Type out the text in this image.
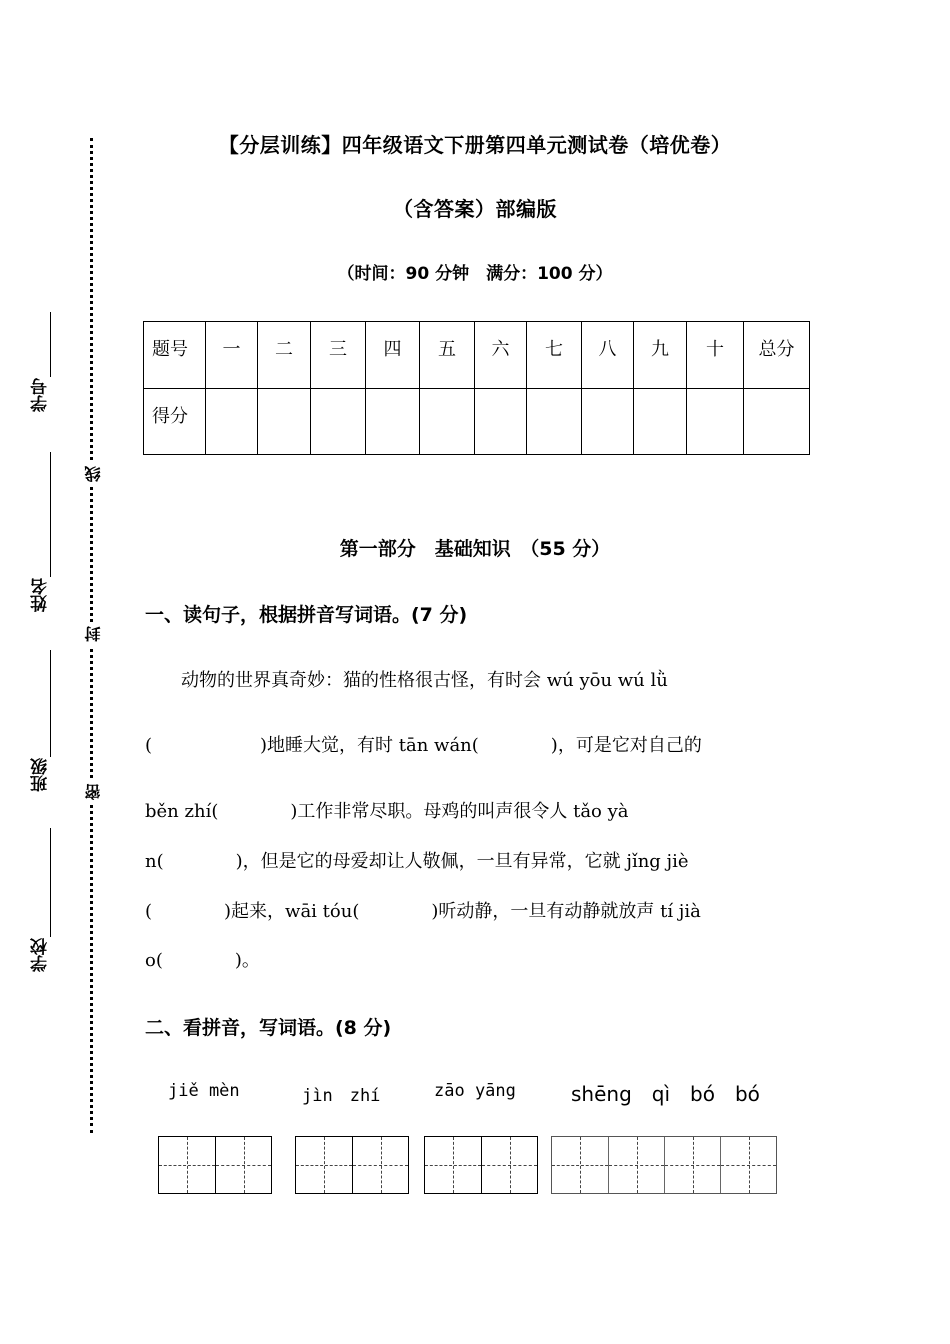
学号
姓名
班级
学校
线
封
密
【分层训练】四年级语文下册第四单元测试卷（培优卷）
（含答案）部编版
（时间：90 分钟　满分：100 分）
题号	一	二	三	四	五	六	七	八	九	十	总分
得分											
第一部分　基础知识　（55 分）
一、读句子，根据拼音写词语。(7 分)
　　动物的世界真奇妙：猫的性格很古怪，有时会 wú yōu wú lǜ
(　　　　　　)地睡大觉，有时 tān wán(　　　　)，可是它对自己的
běn zhí(　　　　)工作非常尽职。母鸡的叫声很令人 tǎo yà
n(　　　　)，但是它的母爱却让人敬佩，一旦有异常，它就 jǐng jiè
(　　　　)起来，wāi tóu(　　　　)听动静，一旦有动静就放声 tí jià
o(　　　　)。
二、看拼音，写词语。(8 分)
jiě mèn	jìn　zhí	zāo yāng	shēng　qì　bó　bó
